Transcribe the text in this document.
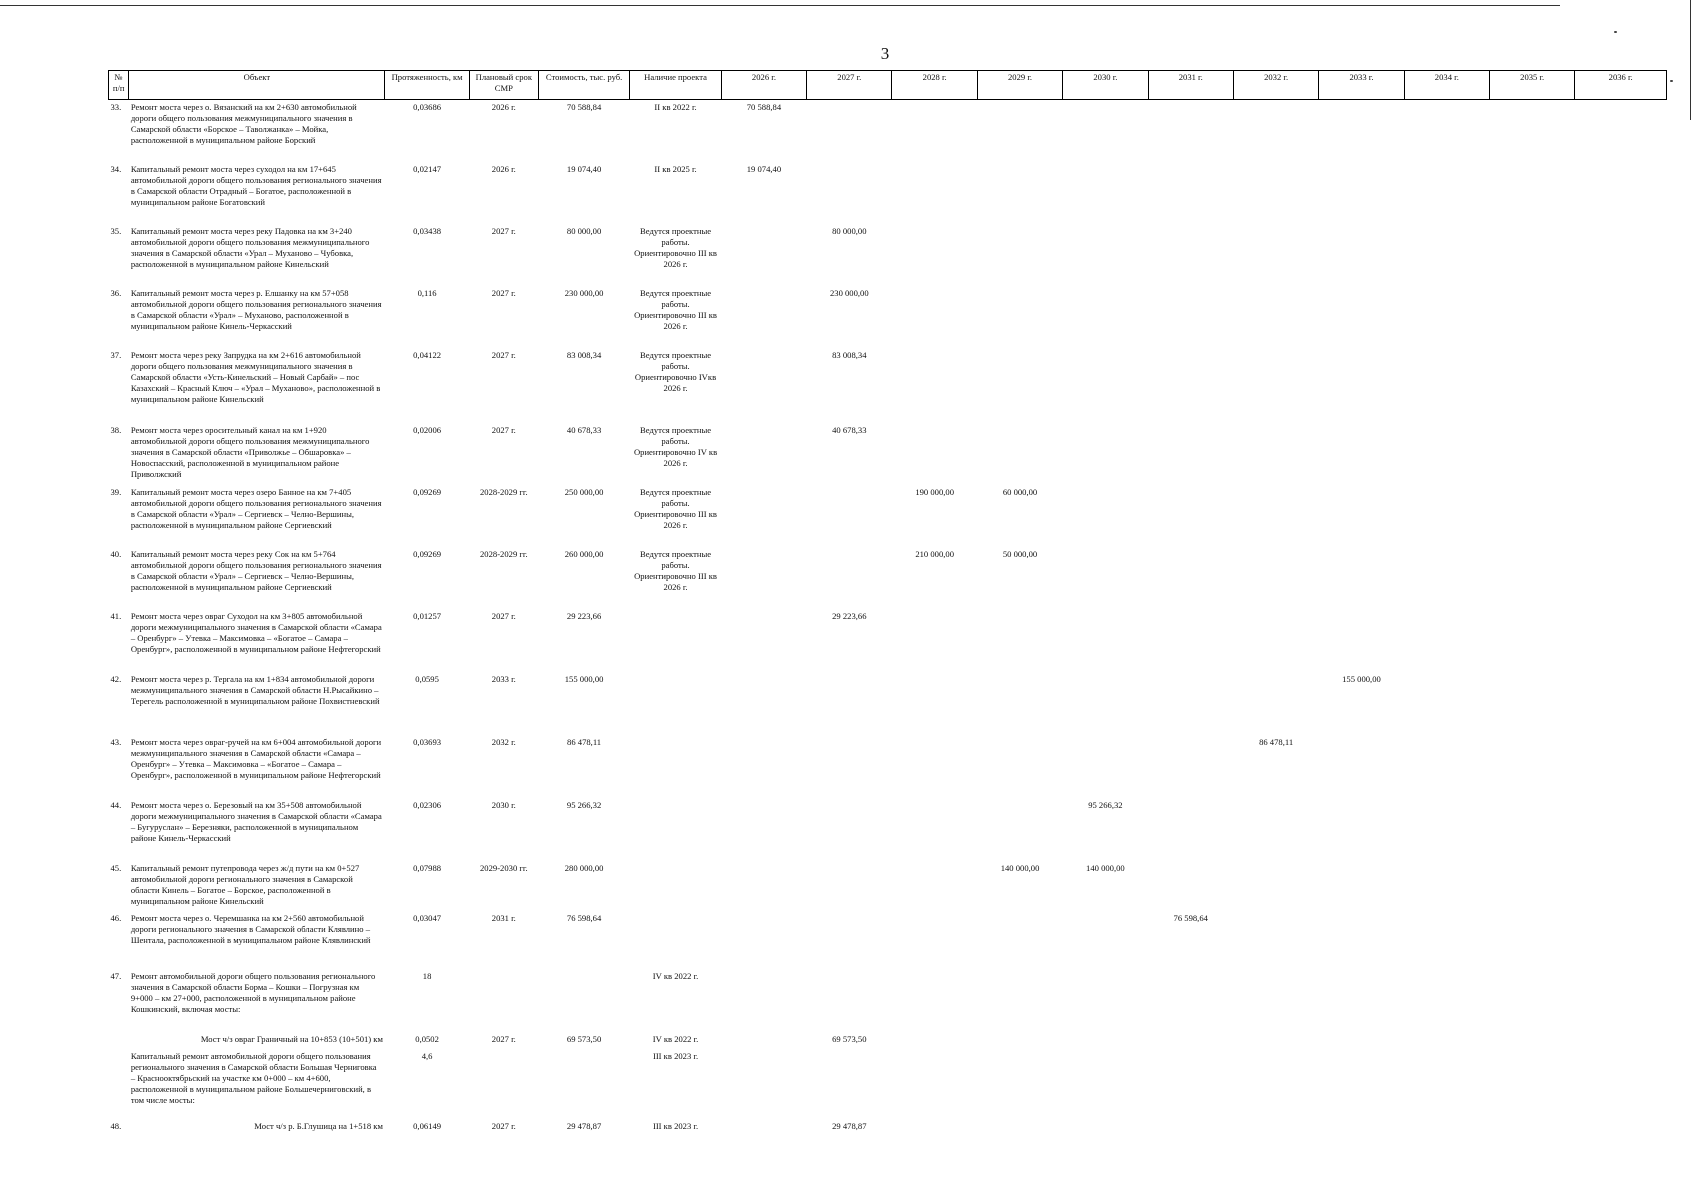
3
№ п/п	Объект	Протяженность, км	Плановый срок СМР	Стоимость, тыс. руб.	Наличие проекта	2026 г.	2027 г.	2028 г.	2029 г.	2030 г.	2031 г.	2032 г.	2033 г.	2034 г.	2035 г.	2036 г.
33.	Ремонт моста через о. Вязанский на км 2+630 автомобильной дороги общего пользования межмуниципального значения в Самарской области «Борское – Таволжанка» – Мойка, расположенной в муниципальном районе Борский	0,03686	2026 г.	70 588,84	II кв 2022 г.	70 588,84										
34.	Капитальный ремонт моста через суходол на км 17+645 автомобильной дороги общего пользования регионального значения в Самарской области Отрадный – Богатое, расположенной в муниципальном районе Богатовский	0,02147	2026 г.	19 074,40	II кв 2025 г.	19 074,40										
35.	Капитальный ремонт моста через реку Падовка на км 3+240 автомобильной дороги общего пользования межмуниципального значения в Самарской области «Урал – Муханово – Чубовка, расположенной в муниципальном районе Кинельский	0,03438	2027 г.	80 000,00	Ведутся проектные работы. Ориентировочно III кв 2026 г.		80 000,00									
36.	Капитальный ремонт моста через р. Елшанку на км 57+058 автомобильной дороги общего пользования регионального значения в Самарской области «Урал» – Муханово, расположенной в муниципальном районе Кинель-Черкасский	0,116	2027 г.	230 000,00	Ведутся проектные работы. Ориентировочно III кв 2026 г.		230 000,00									
37.	Ремонт моста через реку Запрудка на км 2+616 автомобильной дороги общего пользования межмуниципального значения в Самарской области «Усть-Кинельский – Новый Сарбай» – пос Казахский – Красный Ключ – «Урал – Муханово», расположенной в муниципальном районе Кинельский	0,04122	2027 г.	83 008,34	Ведутся проектные работы. Ориентировочно IVкв 2026 г.		83 008,34									
38.	Ремонт моста через оросительный канал на км 1+920 автомобильной дороги общего пользования межмуниципального значения в Самарской области «Приволжье – Обшаровка» – Новоспасский, расположенной в муниципальном районе Приволжский	0,02006	2027 г.	40 678,33	Ведутся проектные работы. Ориентировочно IV кв 2026 г.		40 678,33									
39.	Капитальный ремонт моста через озеро Банное на км 7+405 автомобильной дороги общего пользования регионального значения в Самарской области «Урал» – Сергиевск – Челно-Вершины, расположенной в муниципальном районе Сергиевский	0,09269	2028-2029 гг.	250 000,00	Ведутся проектные работы. Ориентировочно III кв 2026 г.			190 000,00	60 000,00							
40.	Капитальный ремонт моста через реку Сок на км 5+764 автомобильной дороги общего пользования регионального значения в Самарской области «Урал» – Сергиевск – Челно-Вершины, расположенной в муниципальном районе Сергиевский	0,09269	2028-2029 гг.	260 000,00	Ведутся проектные работы. Ориентировочно III кв 2026 г.			210 000,00	50 000,00							
41.	Ремонт моста через овраг Суходол на км 3+805 автомобильной дороги межмуниципального значения в Самарской области «Самара – Оренбург» – Утевка – Максимовка – «Богатое – Самара – Оренбург», расположенной в муниципальном районе Нефтегорский	0,01257	2027 г.	29 223,66			29 223,66									
42.	Ремонт моста через р. Тергала на км 1+834 автомобильной дороги межмуниципального значения в Самарской области Н.Рысайкино – Терегель расположенной в муниципальном районе Похвистневский	0,0595	2033 г.	155 000,00									155 000,00			
43.	Ремонт моста через овраг-ручей на км 6+004 автомобильной дороги межмуниципального значения в Самарской области «Самара – Оренбург» – Утевка – Максимовка – «Богатое – Самара – Оренбург», расположенной в муниципальном районе Нефтегорский	0,03693	2032 г.	86 478,11								86 478,11				
44.	Ремонт моста через о. Березовый на км 35+508 автомобильной дороги межмуниципального значения в Самарской области «Самара – Бугуруслан» – Березняки, расположенной в муниципальном районе Кинель-Черкасский	0,02306	2030 г.	95 266,32						95 266,32						
45.	Капитальный ремонт путепровода через ж/д пути на км 0+527 автомобильной дороги регионального значения в Самарской области Кинель – Богатое – Борское, расположенной в муниципальном районе Кинельский	0,07988	2029-2030 гг.	280 000,00					140 000,00	140 000,00						
46.	Ремонт моста через о. Черемшанка на км 2+560 автомобильной дороги регионального значения в Самарской области Клявлино – Шентала, расположенной в муниципальном районе Клявлинский	0,03047	2031 г.	76 598,64							76 598,64					
47.	Ремонт автомобильной дороги общего пользования регионального значения в Самарской области Борма – Кошки – Погрузная км 9+000 – км 27+000, расположенной в муниципальном районе Кошкинский, включая мосты:	18			IV кв 2022 г.											
	Мост ч/з овраг Граничный на 10+853 (10+501) км	0,0502	2027 г.	69 573,50	IV кв 2022 г.		69 573,50									
	Капитальный ремонт автомобильной дороги общего пользования регионального значения в Самарской области Большая Черниговка – Краснооктябрьский на участке км 0+000 – км 4+600, расположенной в муниципальном районе Большечерниговский, в том числе мосты:	4,6			III кв 2023 г.											
48.	Мост ч/з р. Б.Глушица на 1+518 км	0,06149	2027 г.	29 478,87	III кв 2023 г.		29 478,87									
